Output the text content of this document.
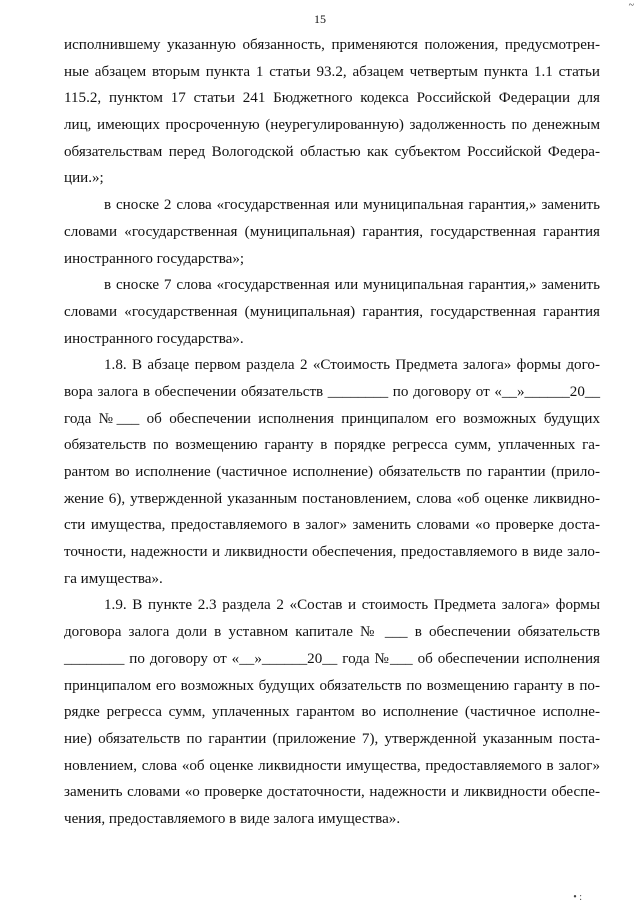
~
15
исполнившему указанную обязанность, применяются положения, предусмотрен-
ные абзацем вторым пункта 1 статьи 93.2, абзацем четвертым пункта 1.1 статьи
115.2, пунктом 17 статьи 241 Бюджетного кодекса Российской Федерации для
лиц, имеющих просроченную (неурегулированную) задолженность по денежным
обязательствам перед Вологодской областью как субъектом Российской Федера-
ции.»;
в сноске 2 слова «государственная или муниципальная гарантия,» заменить
словами «государственная (муниципальная) гарантия, государственная гарантия
иностранного государства»;
в сноске 7 слова «государственная или муниципальная гарантия,» заменить
словами «государственная (муниципальная) гарантия, государственная гарантия
иностранного государства».
1.8. В абзаце первом раздела 2 «Стоимость Предмета залога» формы дого-
вора залога в обеспечении обязательств ________ по договору от «__»______20__
года №___ об обеспечении исполнения принципалом его возможных будущих
обязательств по возмещению гаранту в порядке регресса сумм, уплаченных га-
рантом во исполнение (частичное исполнение) обязательств по гарантии (прило-
жение 6), утвержденной указанным постановлением, слова «об оценке ликвидно-
сти имущества, предоставляемого в залог» заменить словами «о проверке доста-
точности, надежности и ликвидности обеспечения, предоставляемого в виде зало-
га имущества».
1.9. В пункте 2.3 раздела 2 «Состав и стоимость Предмета залога» формы
договора залога доли в уставном капитале № ___ в обеспечении обязательств
________ по договору от «__»______20__ года №___ об обеспечении исполнения
принципалом его возможных будущих обязательств по возмещению гаранту в по-
рядке регресса сумм, уплаченных гарантом во исполнение (частичное исполне-
ние) обязательств по гарантии (приложение 7), утвержденной указанным поста-
новлением, слова «об оценке ликвидности имущества, предоставляемого в залог»
заменить словами «о проверке достаточности, надежности и ликвидности обеспе-
чения, предоставляемого в виде залога имущества».
• :
